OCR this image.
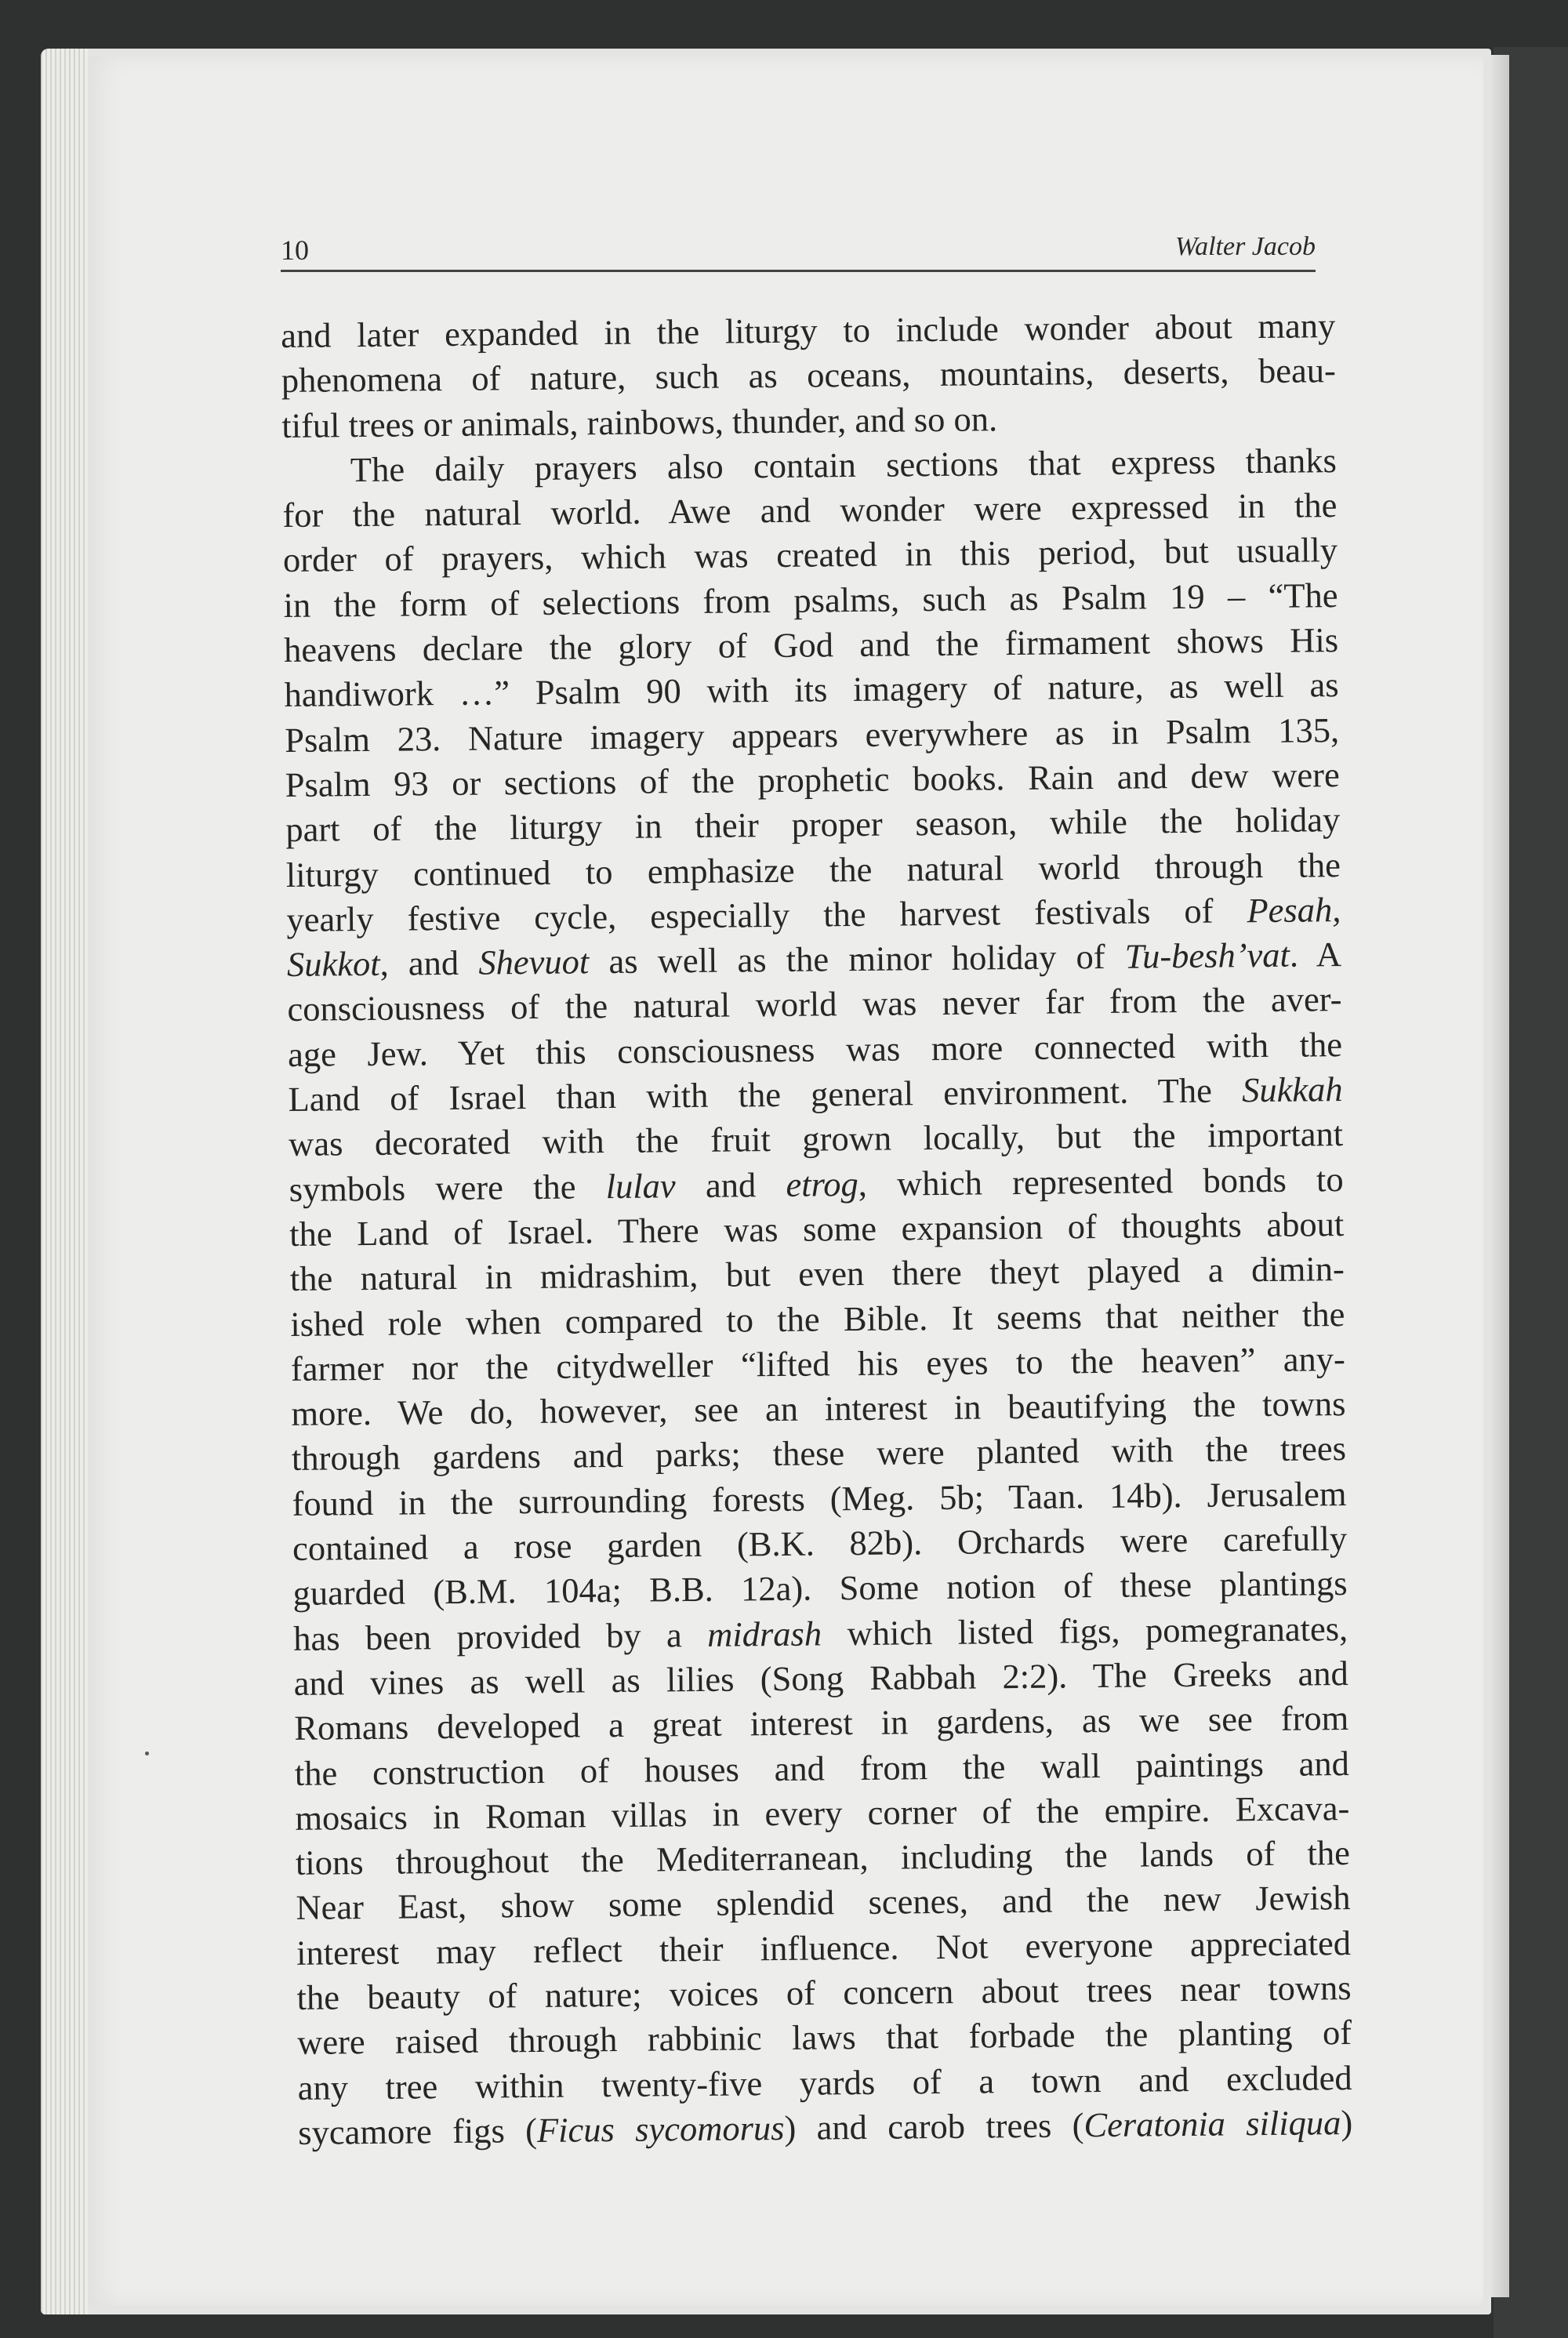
10	Walter Jacob
and later expanded in the liturgy to include wonder about many
phenomena of nature, such as oceans, mountains, deserts, beau-
tiful trees or animals, rainbows, thunder, and so on.
The daily prayers also contain sections that express thanks
for the natural world. Awe and wonder were expressed in the
order of prayers, which was created in this period, but usually
in the form of selections from psalms, such as Psalm 19 – “The
heavens declare the glory of God and the firmament shows His
handiwork …” Psalm 90 with its imagery of nature, as well as
Psalm 23. Nature imagery appears everywhere as in Psalm 135,
Psalm 93 or sections of the prophetic books. Rain and dew were
part of the liturgy in their proper season, while the holiday
liturgy continued to emphasize the natural world through the
yearly festive cycle, especially the harvest festivals of Pesah,
Sukkot, and Shevuot as well as the minor holiday of Tu-besh’vat. A
consciousness of the natural world was never far from the aver-
age Jew. Yet this consciousness was more connected with the
Land of Israel than with the general environment. The Sukkah
was decorated with the fruit grown locally, but the important
symbols were the lulav and etrog, which represented bonds to
the Land of Israel. There was some expansion of thoughts about
the natural in midrashim, but even there theyt played a dimin-
ished role when compared to the Bible. It seems that neither the
farmer nor the citydweller “lifted his eyes to the heaven” any-
more. We do, however, see an interest in beautifying the towns
through gardens and parks; these were planted with the trees
found in the surrounding forests (Meg. 5b; Taan. 14b). Jerusalem
contained a rose garden (B.K. 82b). Orchards were carefully
guarded (B.M. 104a; B.B. 12a). Some notion of these plantings
has been provided by a midrash which listed figs, pomegranates,
and vines as well as lilies (Song Rabbah 2:2). The Greeks and
Romans developed a great interest in gardens, as we see from
the construction of houses and from the wall paintings and
mosaics in Roman villas in every corner of the empire. Excava-
tions throughout the Mediterranean, including the lands of the
Near East, show some splendid scenes, and the new Jewish
interest may reflect their influence. Not everyone appreciated
the beauty of nature; voices of concern about trees near towns
were raised through rabbinic laws that forbade the planting of
any tree within twenty-five yards of a town and excluded
sycamore figs (Ficus sycomorus) and carob trees (Ceratonia siliqua)
